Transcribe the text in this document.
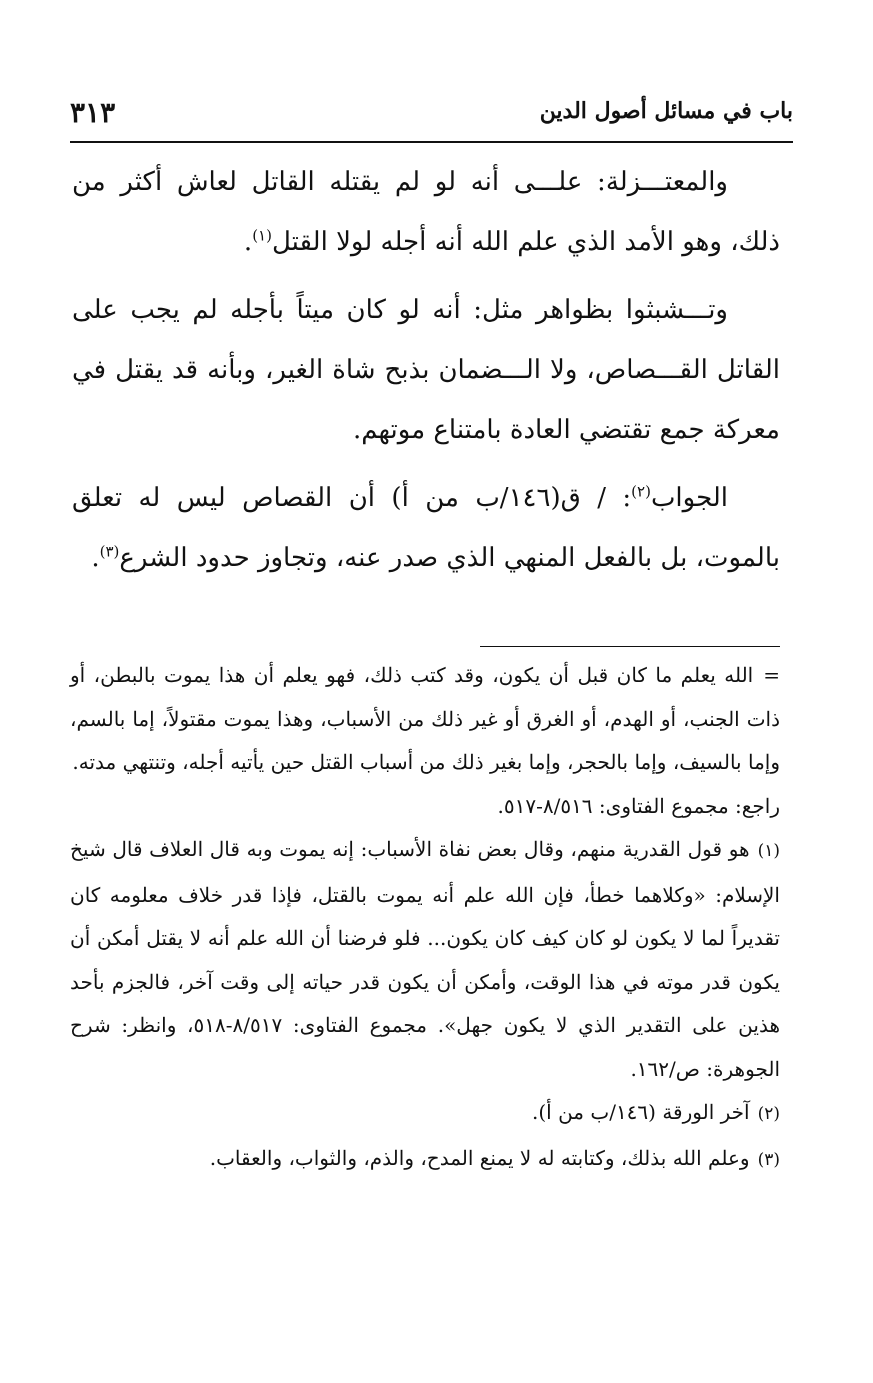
باب في مسائل أصول الدين
٣١٣

والمعتـــزلة: علـــى أنه لو لم يقتله القاتل لعاش أكثر من ذلك، وهو الأمد الذي علم الله أنه أجله لولا القتل$^{(١)}$.

وتـــشبثوا بظواهر مثل: أنه لو كان ميتاً بأجله لم يجب على القاتل القـــصاص، ولا الـــضمان بذبح شاة الغير، وبأنه قد يقتل في معركة جمع تقتضي العادة بامتناع موتهم.

الجواب$^{(٢)}$: / ق(١٤٦/ب من أ) أن القصاص ليس له تعلق بالموت، بل بالفعل المنهي الذي صدر عنه، وتجاوز حدود الشرع$^{(٣)}$.

=الله يعلم ما كان قبل أن يكون، وقد كتب ذلك، فهو يعلم أن هذا يموت بالبطن، أو ذات الجنب، أو الهدم، أو الغرق أو غير ذلك من الأسباب، وهذا يموت مقتولاً، إما بالسم، وإما بالسيف، وإما بالحجر، وإما بغير ذلك من أسباب القتل حين يأتيه أجله، وتنتهي مدته.

راجع: مجموع الفتاوى: ٨/٥١٦-٥١٧.

(١)هو قول القدرية منهم، وقال بعض نفاة الأسباب: إنه يموت وبه قال العلاف قال شيخ الإسلام: «وكلاهما خطأ، فإن الله علم أنه يموت بالقتل، فإذا قدر خلاف معلومه كان تقديراً لما لا يكون لو كان كيف كان يكون... فلو فرضنا أن الله علم أنه لا يقتل أمكن أن يكون قدر موته في هذا الوقت، وأمكن أن يكون قدر حياته إلى وقت آخر، فالجزم بأحد هذين على التقدير الذي لا يكون جهل». مجموع الفتاوى: ٨/٥١٧-٥١٨، وانظر: شرح الجوهرة: ص/١٦٢.

(٢)آخر الورقة (١٤٦/ب من أ).

(٣)وعلم الله بذلك، وكتابته له لا يمنع المدح، والذم، والثواب، والعقاب.
